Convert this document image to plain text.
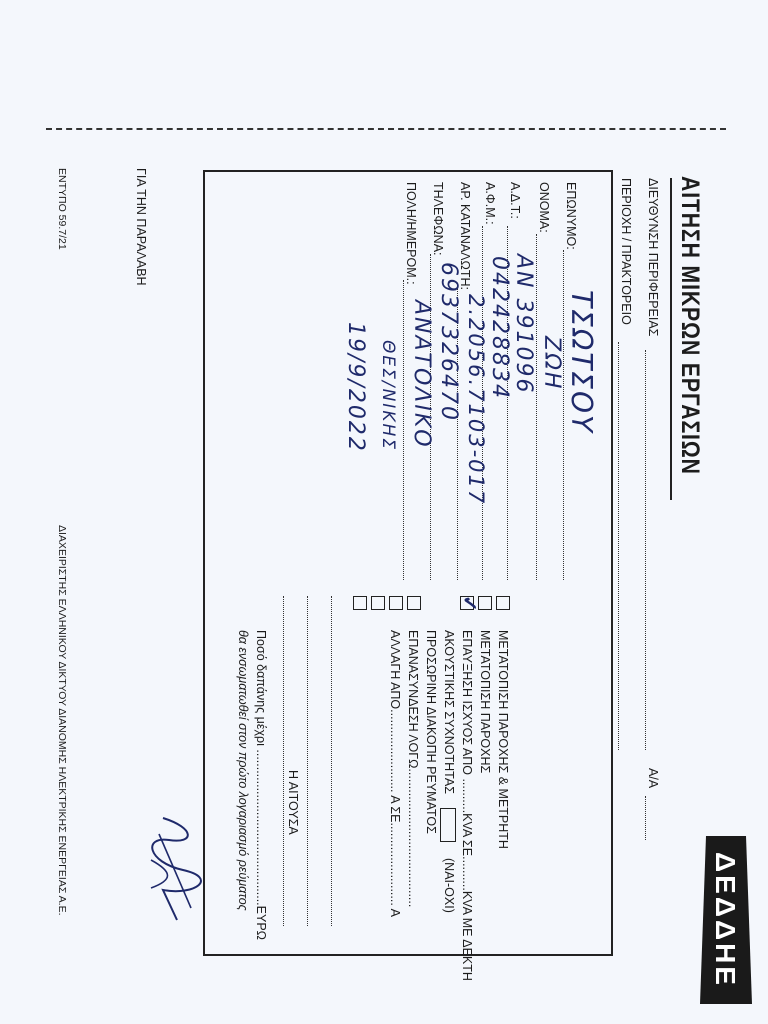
ΑΙΤΗΣΗ ΜΙΚΡΩΝ ΕΡΓΑΣΙΩΝ
ΔΕΔΔΗΕ
ΔΙΕΥΘΥΝΣΗ ΠΕΡΙΦΕΡΕΙΑΣ
ΠΕΡΙΟΧΗ / ΠΡΑΚΤΟΡΕΙΟ
Α/Α
ΕΠΩΝΥΜΟ:
ΤΣΩΤΣΟΥ
ΟΝΟΜΑ:
ΖΩΗ
Α.Δ.Τ.:
ΑΝ 391096
Α.Φ.Μ.:
042428834
ΑΡ. ΚΑΤΑΝΑΛΩΤΗ:
2.2056.7103-017
ΤΗΛΕΦΩΝΑ:
6937326470
ΠΟΛΗ/ΗΜΕΡΟΜ.:
ΑΝΑΤΟΛΙΚΟ
ΘΕΣ/ΝΙΚΗΣ
19/9/2022
✓
ΜΕΤΑΤΟΠΙΣΗ ΠΑΡΟΧΗΣ & ΜΕΤΡΗΤΗ
ΜΕΤΑΤΟΠΙΣΗ ΠΑΡΟΧΗΣ
ΕΠΑΥΞΗΣΗ ΙΣΧΥΟΣ ΑΠΟ ..........KVA ΣΕ..........KVA ΜΕ ΔΕΚΤΗ
ΑΚΟΥΣΤΙΚΗΣ ΣΥΧΝΟΤΗΤΑΣ
(ΝΑΙ-ΟΧΙ)
ΠΡΟΣΩΡΙΝΗ ΔΙΑΚΟΠΗ ΡΕΥΜΑΤΟΣ
ΕΠΑΝΑΣΥΝΔΕΣΗ ΛΟΓΩ........................................
ΑΛΛΑΓΗ ΑΠΟ........................ Α ΣΕ........................ Α
Ποσό δαπάνης μέχρι .............................................ΕΥΡΩ
θα ενσωματωθεί στον πρώτο λογαριασμό ρεύματος	Η ΑΙΤΟΥΣΑ
ΓΙΑ ΤΗΝ ΠΑΡΑΛΑΒΗ
ΕΝΤΥΠΟ 59.7/21
ΔΙΑΧΕΙΡΙΣΤΗΣ ΕΛΛΗΝΙΚΟΥ ΔΙΚΤΥΟΥ ΔΙΑΝΟΜΗΣ ΗΛΕΚΤΡΙΚΗΣ ΕΝΕΡΓΕΙΑΣ Α.Ε.
